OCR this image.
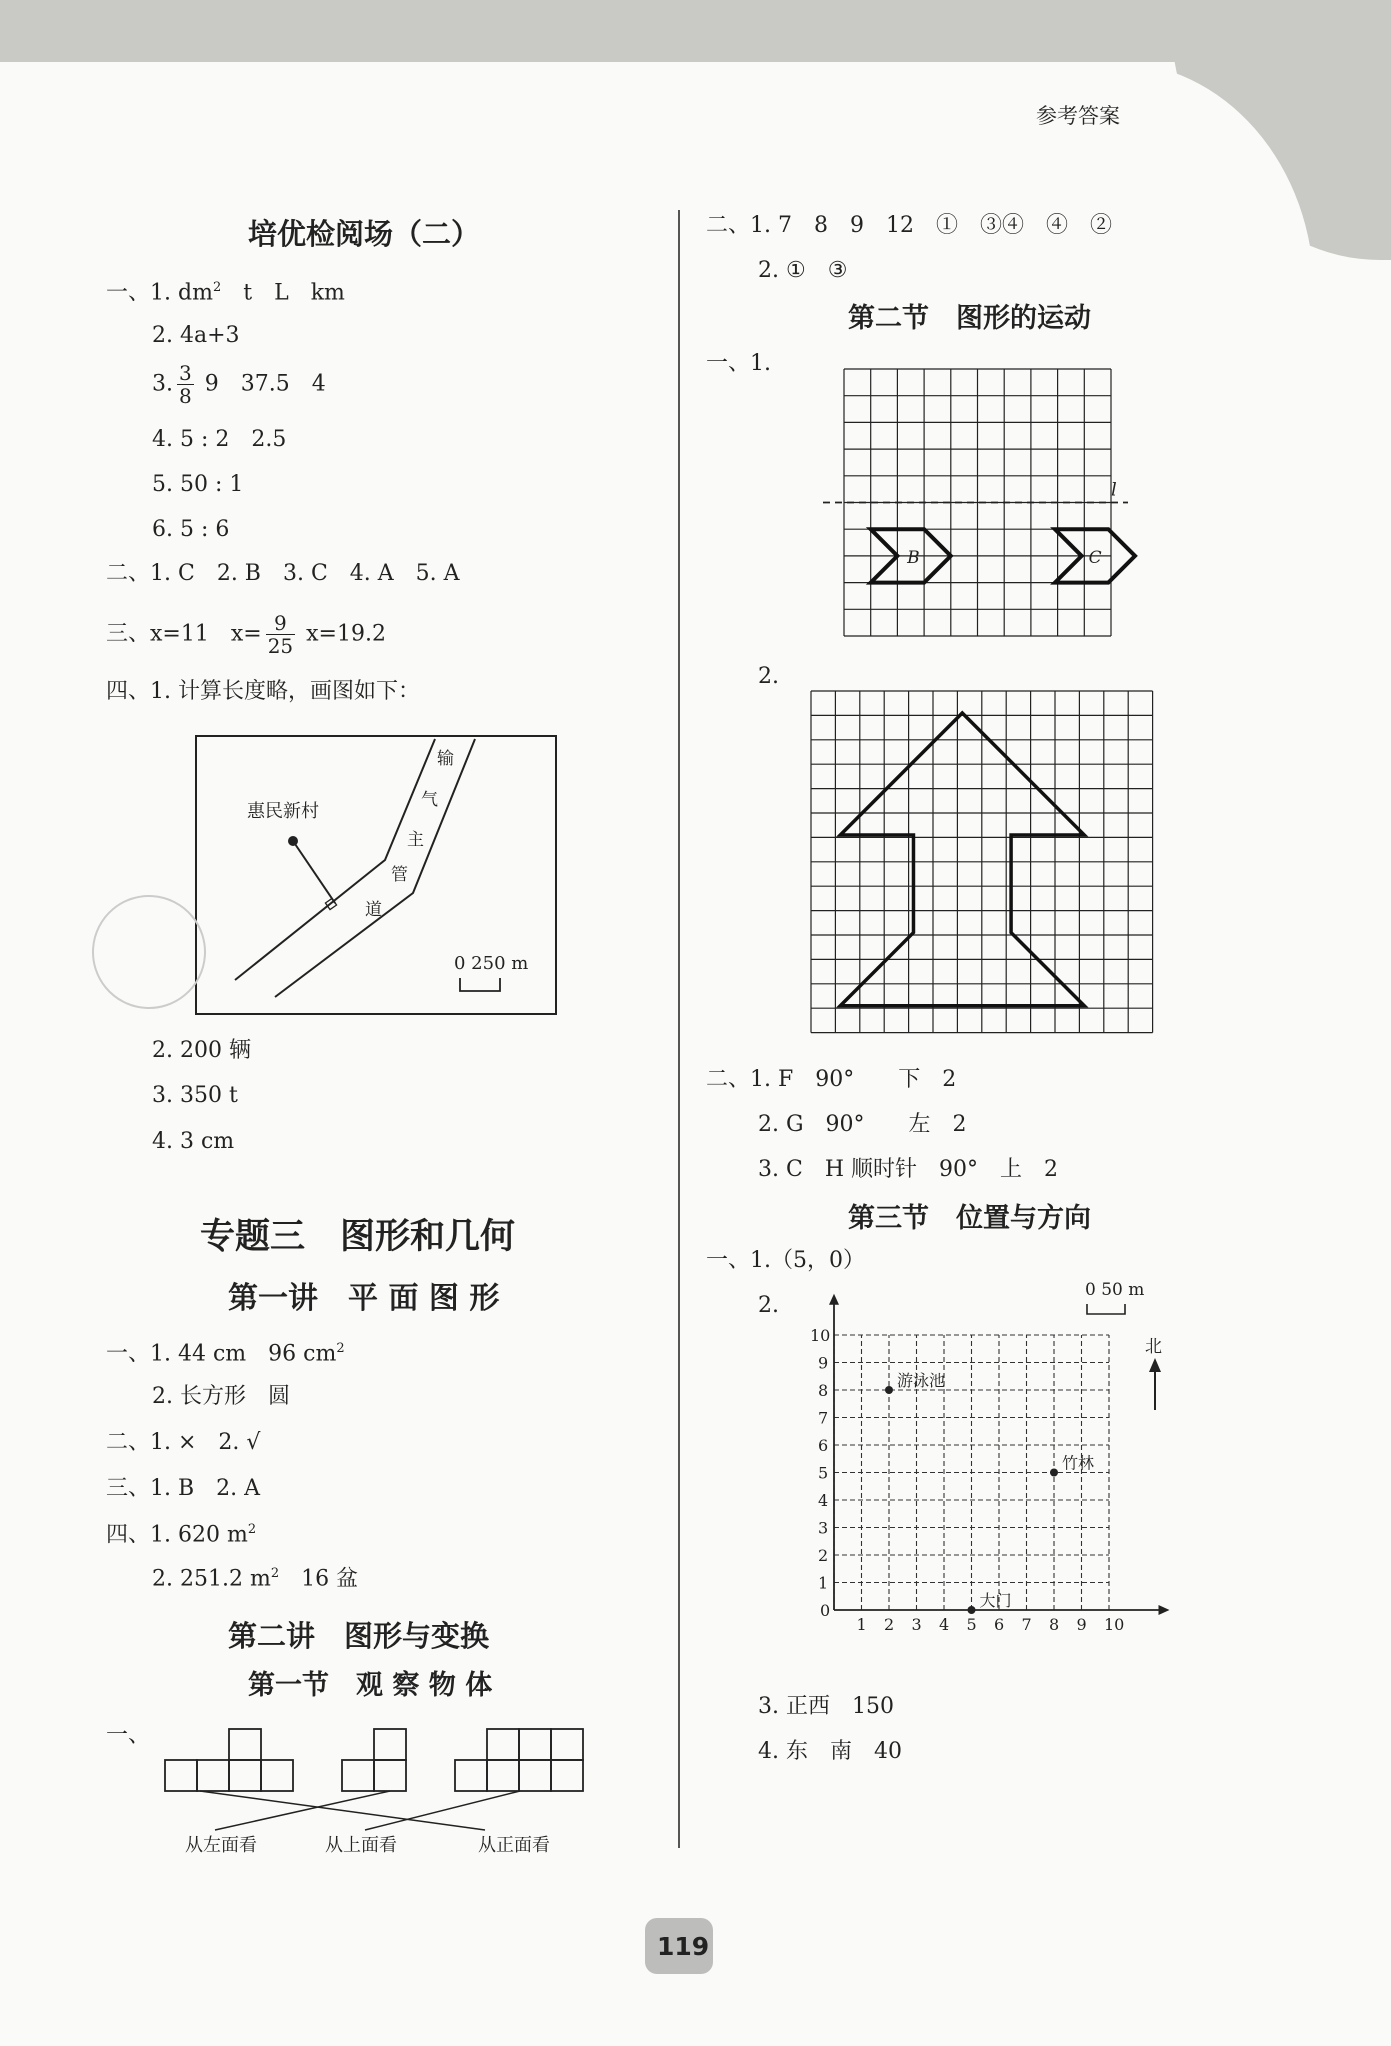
参考答案
培优检阅场（二）
一、1. $dm^2$　 t　L　km
2. 4a+3
3. $\frac{3}{8} 9$　37.5　4
4. 5 : 2　2.5
5. 50 : 1
6. 5 : 6
二、1. C　2. B　3. C　4. A　5. A
三、x=11　$x= \frac{9}{25} x=19.2$
四、1. 计算长度略，画图如下：
惠民新村
输
气
主
管
道
0 250 m
2. 200 辆
3. 350 t
4. 3 cm
专题三　图形和几何
第一讲　平 面 图 形
一、1. 44 cm　96 $cm^2$
2. 长方形　圆
二、1. ×　2. √
三、1. B　2. A
四、1. 620 $m^2$
2. 251.2 $m^2$　 16 盆
第二讲　图形与变换
第一节　观 察 物 体
一、
从左面看	从上面看	从正面看
二、1. 7　8　9　12　①　③④　④　②
2. ①　③
第二节　图形的运动
一、1.
l
B	C
2.
二、1. F　90°　　下　2
2. G　90°　　左　2
3. C　H 顺时针　90°　上　2
第三节　位置与方向
一、1.（5，0）
2.
0 50 m
北
0
1 2 3 4 5 6 7 8 9 10
1
2
3
4
5
6
7
8
9
10
游泳池
竹林
大门
3. 正西　150
4. 东　南　40
119
